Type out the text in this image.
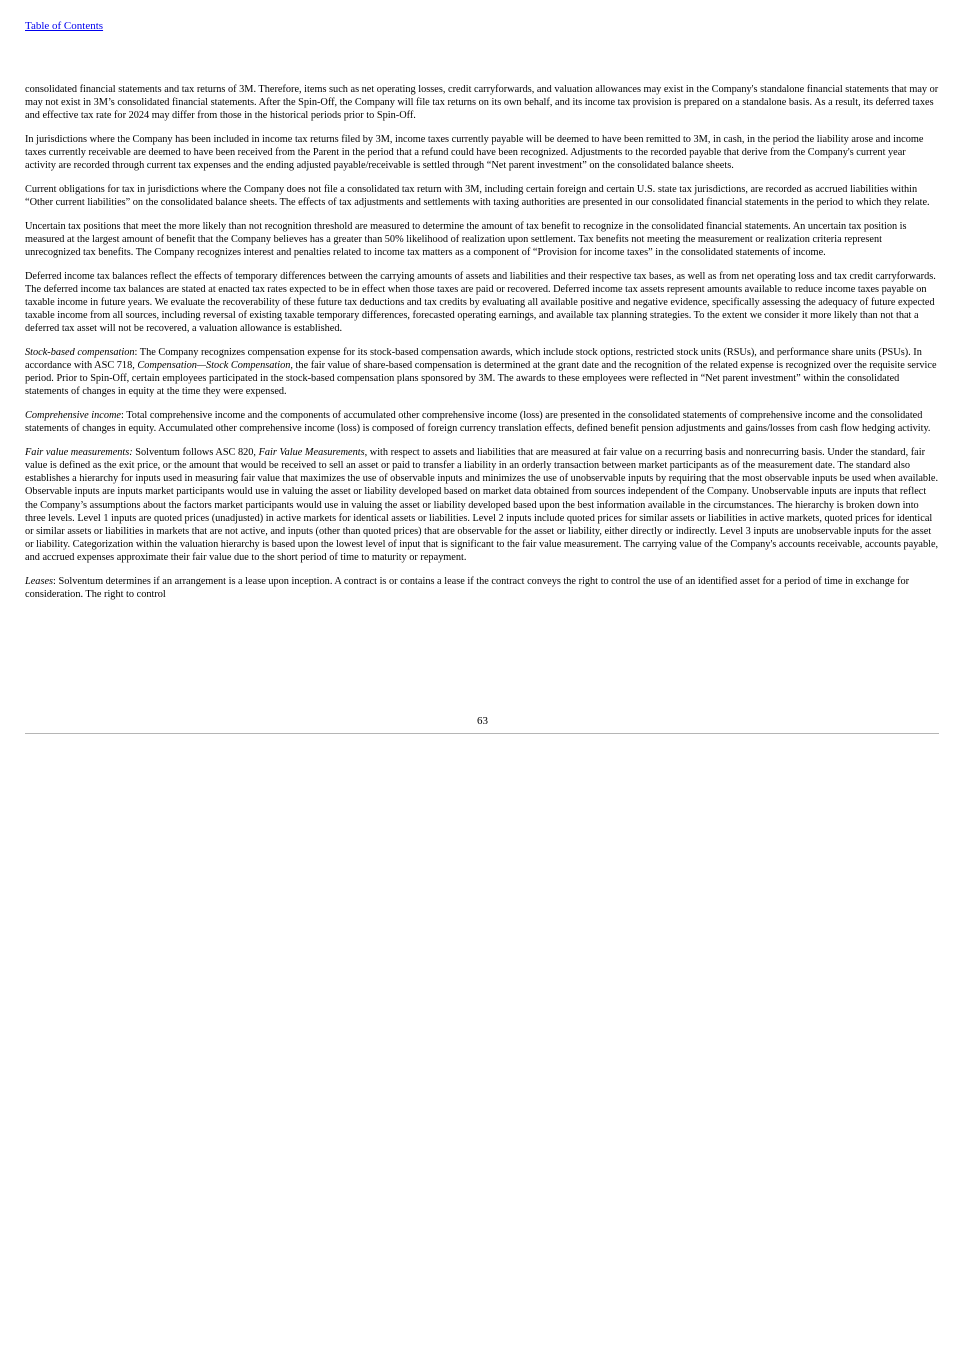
Table of Contents

consolidated financial statements and tax returns of 3M. Therefore, items such as net operating losses, credit carryforwards, and valuation allowances may exist in the Company's standalone financial statements that may or may not exist in 3M’s consolidated financial statements. After the Spin-Off, the Company will file tax returns on its own behalf, and its income tax provision is prepared on a standalone basis. As a result, its deferred taxes and effective tax rate for 2024 may differ from those in the historical periods prior to Spin-Off.

In jurisdictions where the Company has been included in income tax returns filed by 3M, income taxes currently payable will be deemed to have been remitted to 3M, in cash, in the period the liability arose and income taxes currently receivable are deemed to have been received from the Parent in the period that a refund could have been recognized. Adjustments to the recorded payable that derive from the Company's current year activity are recorded through current tax expenses and the ending adjusted payable/receivable is settled through “Net parent investment” on the consolidated balance sheets.

Current obligations for tax in jurisdictions where the Company does not file a consolidated tax return with 3M, including certain foreign and certain U.S. state tax jurisdictions, are recorded as accrued liabilities within “Other current liabilities” on the consolidated balance sheets. The effects of tax adjustments and settlements with taxing authorities are presented in our consolidated financial statements in the period to which they relate.

Uncertain tax positions that meet the more likely than not recognition threshold are measured to determine the amount of tax benefit to recognize in the consolidated financial statements. An uncertain tax position is measured at the largest amount of benefit that the Company believes has a greater than 50% likelihood of realization upon settlement. Tax benefits not meeting the measurement or realization criteria represent unrecognized tax benefits. The Company recognizes interest and penalties related to income tax matters as a component of “Provision for income taxes” in the consolidated statements of income.

Deferred income tax balances reflect the effects of temporary differences between the carrying amounts of assets and liabilities and their respective tax bases, as well as from net operating loss and tax credit carryforwards. The deferred income tax balances are stated at enacted tax rates expected to be in effect when those taxes are paid or recovered. Deferred income tax assets represent amounts available to reduce income taxes payable on taxable income in future years. We evaluate the recoverability of these future tax deductions and tax credits by evaluating all available positive and negative evidence, specifically assessing the adequacy of future expected taxable income from all sources, including reversal of existing taxable temporary differences, forecasted operating earnings, and available tax planning strategies. To the extent we consider it more likely than not that a deferred tax asset will not be recovered, a valuation allowance is established.

Stock-based compensation: The Company recognizes compensation expense for its stock-based compensation awards, which include stock options, restricted stock units (RSUs), and performance share units (PSUs). In accordance with ASC 718, Compensation—Stock Compensation, the fair value of share-based compensation is determined at the grant date and the recognition of the related expense is recognized over the requisite service period. Prior to Spin-Off, certain employees participated in the stock-based compensation plans sponsored by 3M. The awards to these employees were reflected in “Net parent investment” within the consolidated statements of changes in equity at the time they were expensed.

Comprehensive income: Total comprehensive income and the components of accumulated other comprehensive income (loss) are presented in the consolidated statements of comprehensive income and the consolidated statements of changes in equity. Accumulated other comprehensive income (loss) is composed of foreign currency translation effects, defined benefit pension adjustments and gains/losses from cash flow hedging activity.

Fair value measurements: Solventum follows ASC 820, Fair Value Measurements, with respect to assets and liabilities that are measured at fair value on a recurring basis and nonrecurring basis. Under the standard, fair value is defined as the exit price, or the amount that would be received to sell an asset or paid to transfer a liability in an orderly transaction between market participants as of the measurement date. The standard also establishes a hierarchy for inputs used in measuring fair value that maximizes the use of observable inputs and minimizes the use of unobservable inputs by requiring that the most observable inputs be used when available. Observable inputs are inputs market participants would use in valuing the asset or liability developed based on market data obtained from sources independent of the Company. Unobservable inputs are inputs that reflect the Company’s assumptions about the factors market participants would use in valuing the asset or liability developed based upon the best information available in the circumstances. The hierarchy is broken down into three levels. Level 1 inputs are quoted prices (unadjusted) in active markets for identical assets or liabilities. Level 2 inputs include quoted prices for similar assets or liabilities in active markets, quoted prices for identical or similar assets or liabilities in markets that are not active, and inputs (other than quoted prices) that are observable for the asset or liability, either directly or indirectly. Level 3 inputs are unobservable inputs for the asset or liability. Categorization within the valuation hierarchy is based upon the lowest level of input that is significant to the fair value measurement. The carrying value of the Company's accounts receivable, accounts payable, and accrued expenses approximate their fair value due to the short period of time to maturity or repayment.

Leases: Solventum determines if an arrangement is a lease upon inception. A contract is or contains a lease if the contract conveys the right to control the use of an identified asset for a period of time in exchange for consideration. The right to control

63
